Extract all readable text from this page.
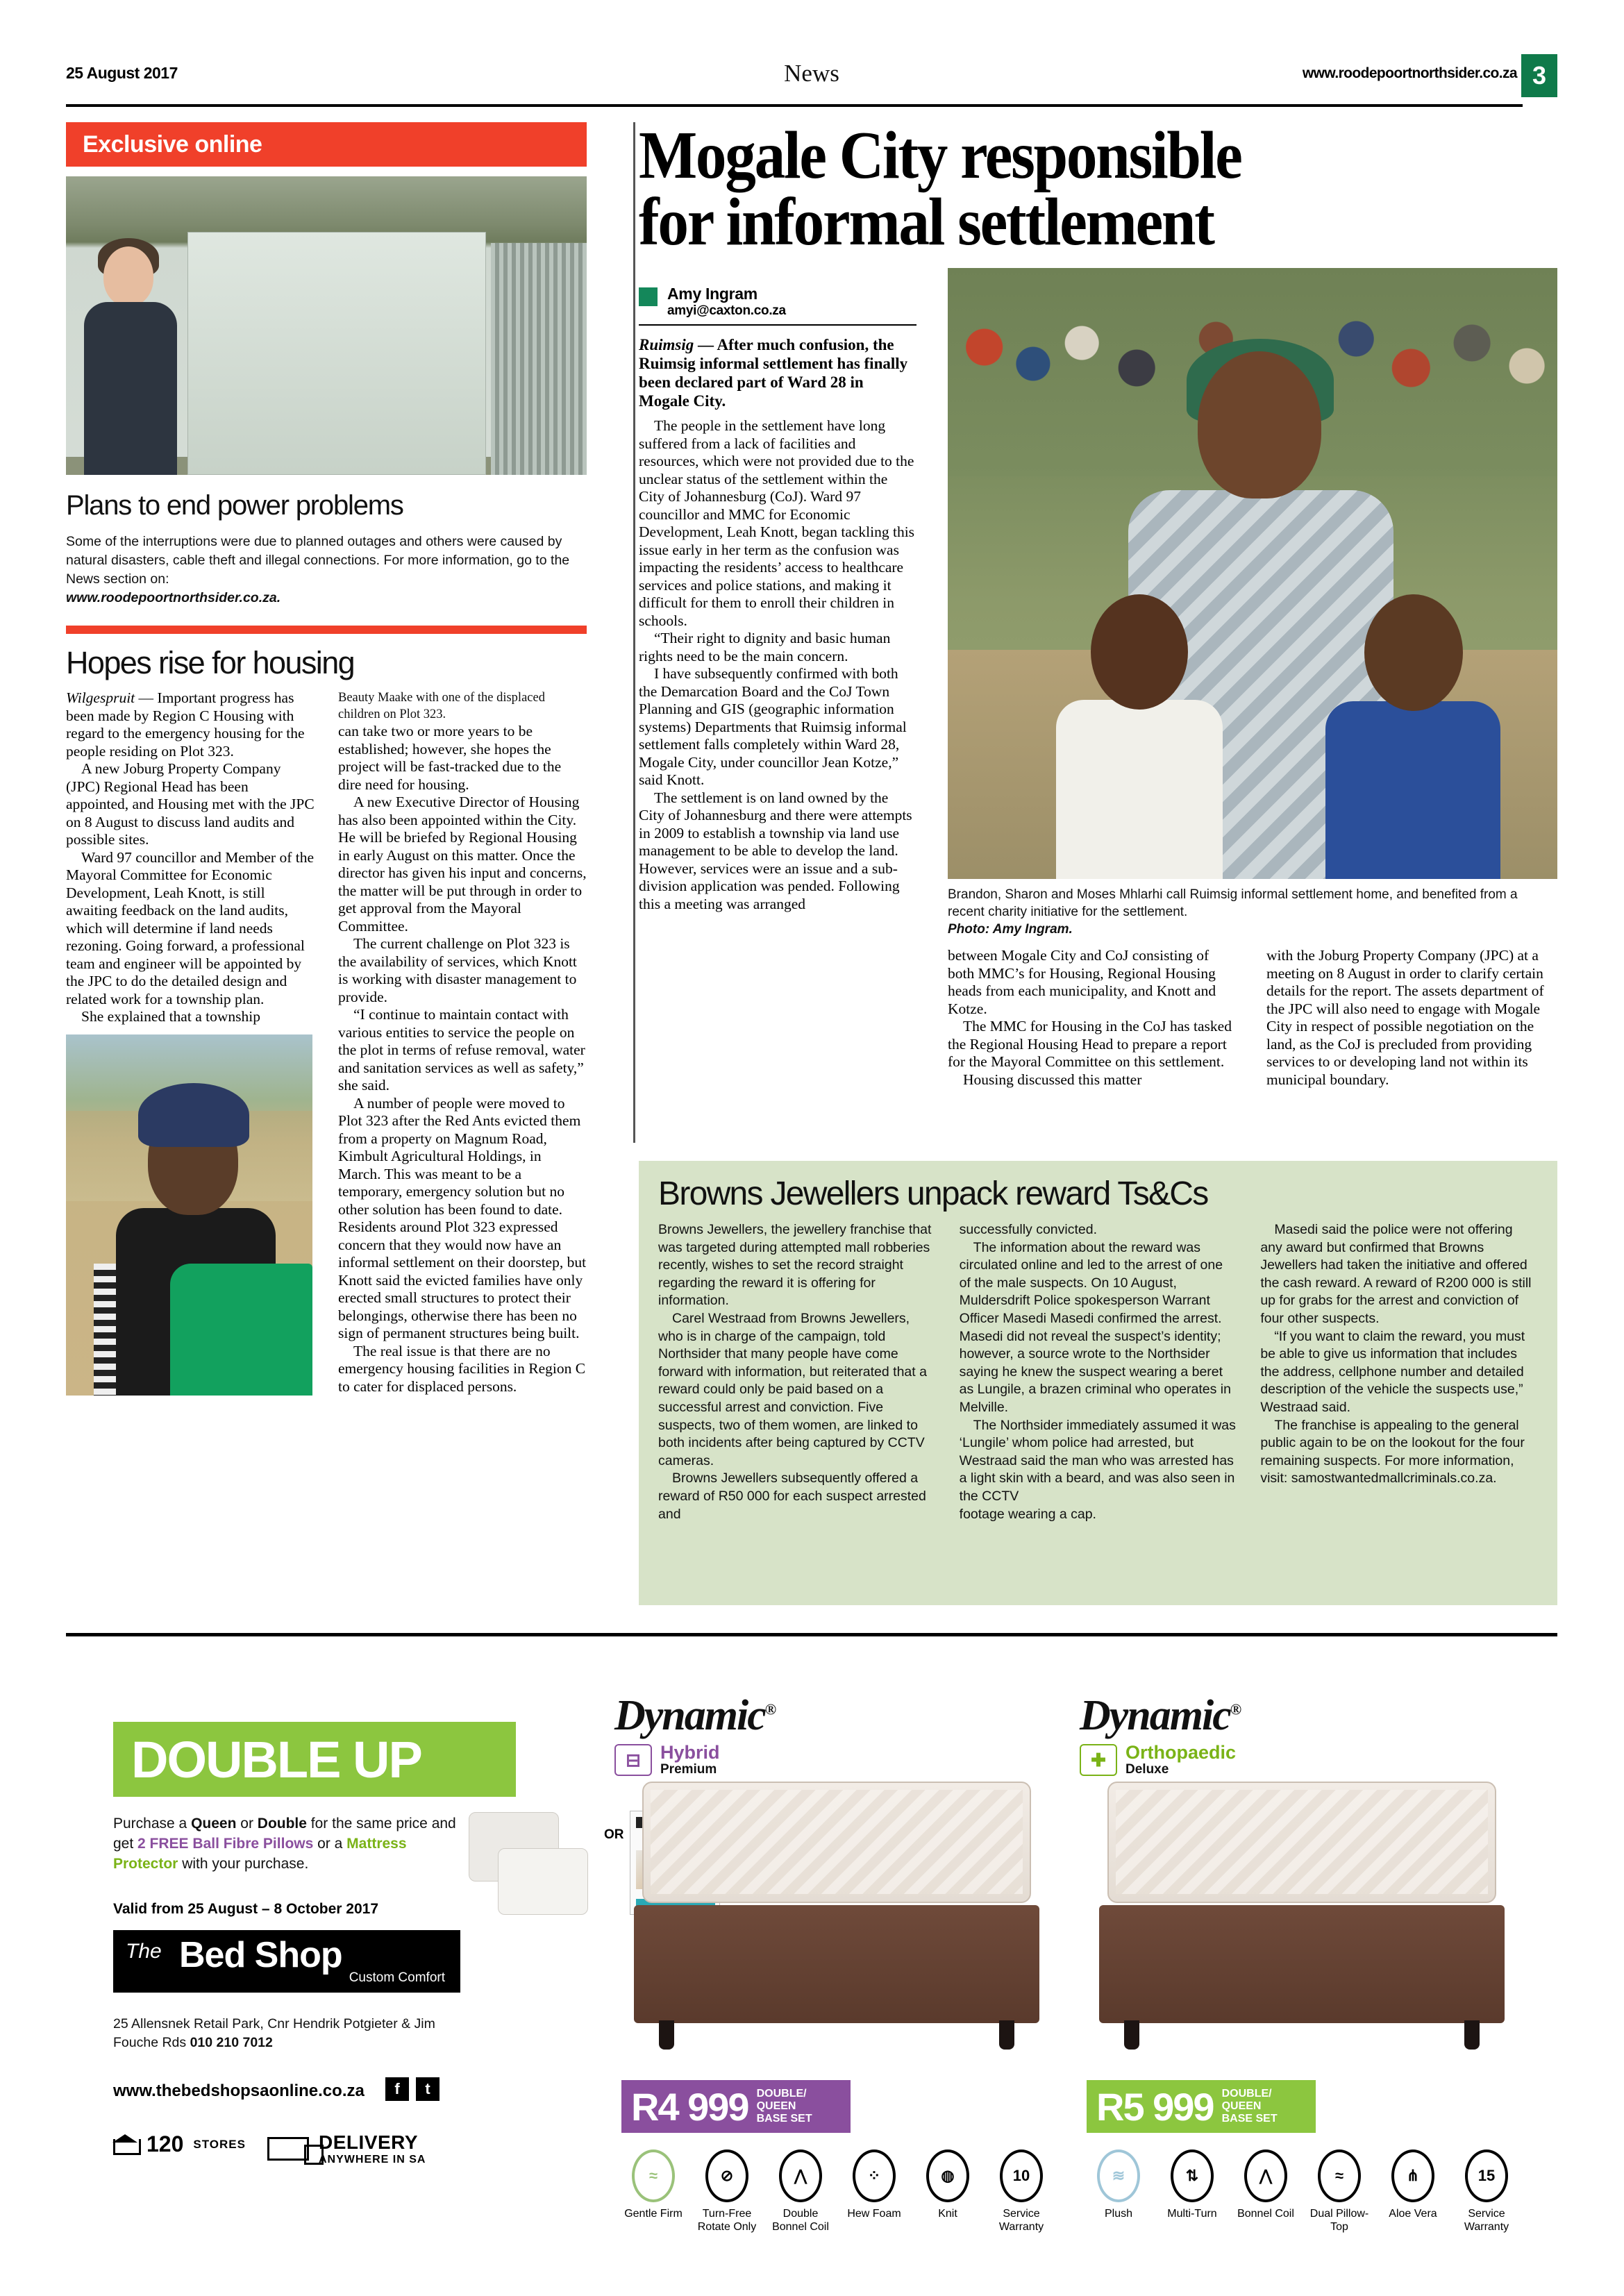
25 August 2017	News	www.roodepoortnorthsider.co.za 3
Exclusive online
Plans to end power problems
Some of the interruptions were due to planned outages and others were caused by natural disasters, cable theft and illegal connections. For more information, go to the News section on:
www.roodepoortnorthsider.co.za.
Hopes rise for housing

Wilgespruit — Important progress has been made by Region C Housing with regard to the emergency housing for the people residing on Plot 323.

A new Joburg Property Company (JPC) Regional Head has been appointed, and Housing met with the JPC on 8 August to discuss land audits and possible sites.

Ward 97 councillor and Member of the Mayoral Committee for Economic Development, Leah Knott, is still awaiting feedback on the land audits, which will determine if land needs rezoning. Going forward, a professional team and engineer will be appointed by the JPC to do the detailed design and related work for a township plan.

She explained that a township

Beauty Maake with one of the displaced children on Plot 323.

can take two or more years to be established; however, she hopes the project will be fast-tracked due to the dire need for housing.

A new Executive Director of Housing has also been appointed within the City. He will be briefed by Regional Housing in early August on this matter. Once the director has given his input and concerns, the matter will be put through in order to get approval from the Mayoral Committee.

The current challenge on Plot 323 is the availability of services, which Knott is working with disaster management to provide.

“I continue to maintain contact with various entities to service the people on the plot in terms of refuse removal, water and sanitation services as well as safety,” she said.

A number of people were moved to Plot 323 after the Red Ants evicted them from a property on Magnum Road, Kimbult Agricultural Holdings, in March. This was meant to be a temporary, emergency solution but no other solution has been found to date. Residents around Plot 323 expressed concern that they would now have an informal settlement on their doorstep, but Knott said the evicted families have only erected small structures to protect their belongings, otherwise there has been no sign of permanent structures being built.

The real issue is that there are no emergency housing facilities in Region C to cater for displaced persons.

Mogale City responsible
for informal settlement
Amy Ingram
amyi@caxton.co.za
Ruimsig — After much confusion, the Ruimsig informal settlement has finally been declared part of Ward 28 in Mogale City.

The people in the settlement have long suffered from a lack of facilities and resources, which were not provided due to the unclear status of the settlement within the City of Johannesburg (CoJ). Ward 97 councillor and MMC for Economic Development, Leah Knott, began tackling this issue early in her term as the confusion was impacting the residents’ access to healthcare services and police stations, and making it difficult for them to enroll their children in schools.

“Their right to dignity and basic human rights need to be the main concern.

I have subsequently confirmed with both the Demarcation Board and the CoJ Town Planning and GIS (geographic information systems) Departments that Ruimsig informal settlement falls completely within Ward 28, Mogale City, under councillor Jean Kotze,” said Knott.

The settlement is on land owned by the City of Johannesburg and there were attempts in 2009 to establish a township via land use management to be able to develop the land. However, services were an issue and a sub-division application was pended. Following this a meeting was arranged

Brandon, Sharon and Moses Mhlarhi call Ruimsig informal settlement home, and benefited from a recent charity initiative for the settlement.
Photo: Amy Ingram.

between Mogale City and CoJ consisting of both MMC’s for Housing, Regional Housing heads from each municipality, and Knott and Kotze.

The MMC for Housing in the CoJ has tasked the Regional Housing Head to prepare a report for the Mayoral Committee on this settlement.

Housing discussed this matter

with the Joburg Property Company (JPC) at a meeting on 8 August in order to clarify certain details for the report. The assets department of the JPC will also need to engage with Mogale City in respect of possible negotiation on the land, as the CoJ is precluded from providing services to or developing land not within its municipal boundary.

Browns Jewellers unpack reward Ts&Cs

Browns Jewellers, the jewellery franchise that was targeted during attempted mall robberies recently, wishes to set the record straight regarding the reward it is offering for information.

Carel Westraad from Browns Jewellers, who is in charge of the campaign, told Northsider that many people have come forward with information, but reiterated that a reward could only be paid based on a successful arrest and conviction. Five suspects, two of them women, are linked to both incidents after being captured by CCTV cameras.

Browns Jewellers subsequently offered a reward of R50 000 for each suspect arrested and

successfully convicted.

The information about the reward was circulated online and led to the arrest of one of the male suspects. On 10 August, Muldersdrift Police spokesperson Warrant Officer Masedi Masedi confirmed the arrest.

Masedi did not reveal the suspect’s identity; however, a source wrote to the Northsider saying he knew the suspect wearing a beret as Lungile, a brazen criminal who operates in Melville.

The Northsider immediately assumed it was ‘Lungile’ whom police had arrested, but Westraad said the man who was arrested has a light skin with a beard, and was also seen in the CCTV

footage wearing a cap.

Masedi said the police were not offering any award but confirmed that Browns Jewellers had taken the initiative and offered the cash reward. A reward of R200 000 is still up for grabs for the arrest and conviction of four other suspects.

“If you want to claim the reward, you must be able to give us information that includes the address, cellphone number and detailed description of the vehicle the suspects use,” Westraad said.

The franchise is appealing to the general public again to be on the lookout for the four remaining suspects. For more information, visit: samostwantedmallcriminals.co.za.

DOUBLE UP
Purchase a Queen or Double for the same price and get 2 FREE Ball Fibre Pillows or a Mattress Protector with your purchase.
OR
Valid from 25 August – 8 October 2017
The Bed Shop
Custom Comfort
25 Allensnek Retail Park, Cnr Hendrik Potgieter & Jim Fouche Rds 010 210 7012
www.thebedshopsaonline.co.za	f	t
120 STORES	DELIVERY
ANYWHERE IN SA
Dynamic®
⊟	Hybrid
Premium
R4 999 DOUBLE/
QUEEN
BASE SET
≈
Gentle Firm
⊘
Turn-Free Rotate Only
⋀
Double Bonnel Coil
⁘
Hew Foam
◍
Knit
10
Service Warranty
Dynamic®
✚	Orthopaedic
Deluxe
R5 999 DOUBLE/
QUEEN
BASE SET
≋
Plush
⇅
Multi-Turn
⋀
Bonnel Coil
≈
Dual Pillow-Top
⋔
Aloe Vera
15
Service Warranty
